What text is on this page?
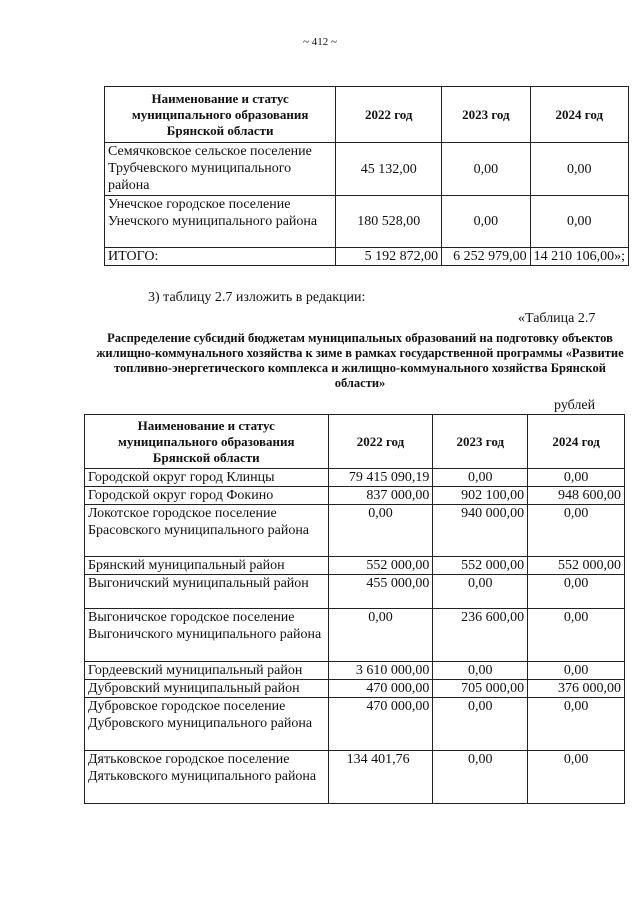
~ 412 ~
Наименование и статус муниципального образования Брянской области	2022 год	2023 год	2024 год
Семячковское сельское поселение Трубчевского муниципального района	45 132,00	0,00	0,00
Унечское городское поселение Унечского муниципального района	180 528,00	0,00	0,00
ИТОГО:	5 192 872,00	6 252 979,00	14 210 106,00»;
3) таблицу 2.7 изложить в редакции:
«Таблица 2.7
Распределение субсидий бюджетам муниципальных образований на подготовку объектов жилищно-коммунального хозяйства к зиме в рамках государственной программы «Развитие топливно-энергетического комплекса и жилищно-коммунального хозяйства Брянской области»
рублей
Наименование и статус муниципального образования Брянской области	2022 год	2023 год	2024 год
Городской округ город Клинцы	79 415 090,19	0,00	0,00
Городской округ город Фокино	837 000,00	902 100,00	948 600,00
Локотское городское поселение Брасовского муниципального района	0,00	940 000,00	0,00
Брянский муниципальный район	552 000,00	552 000,00	552 000,00
Выгоничский муниципальный район	455 000,00	0,00	0,00
Выгоничское городское поселение Выгоничского муниципального района	0,00	236 600,00	0,00
Гордеевский муниципальный район	3 610 000,00	0,00	0,00
Дубровский муниципальный район	470 000,00	705 000,00	376 000,00
Дубровское городское поселение Дубровского муниципального района	470 000,00	0,00	0,00
Дятьковское городское поселение Дятьковского муниципального района	134 401,76	0,00	0,00
